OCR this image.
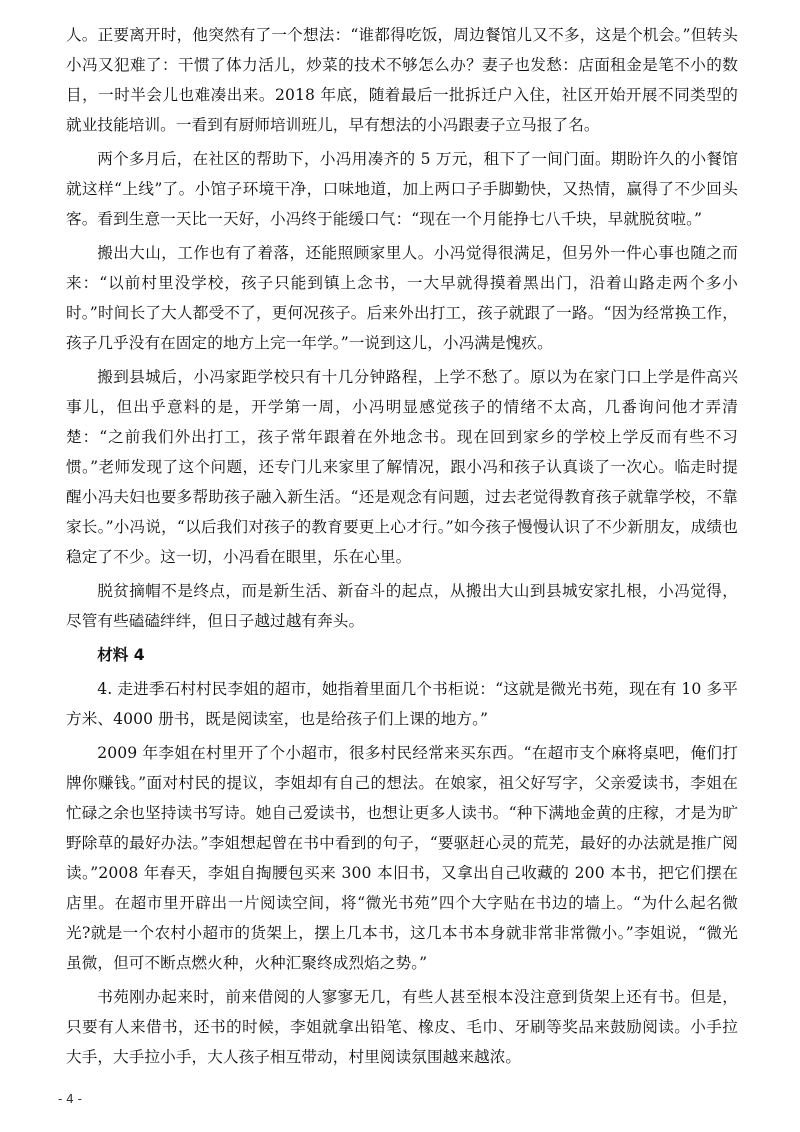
人。正要离开时，他突然有了一个想法：“谁都得吃饭，周边餐馆儿又不多，这是个机会。”但转头小冯又犯难了：干惯了体力活儿，炒菜的技术不够怎么办？妻子也发愁：店面租金是笔不小的数目，一时半会儿也难凑出来。2018 年底，随着最后一批拆迁户入住，社区开始开展不同类型的就业技能培训。一看到有厨师培训班儿，早有想法的小冯跟妻子立马报了名。

两个多月后，在社区的帮助下，小冯用凑齐的 5 万元，租下了一间门面。期盼许久的小餐馆就这样“上线”了。小馆子环境干净，口味地道，加上两口子手脚勤快，又热情，赢得了不少回头客。看到生意一天比一天好，小冯终于能缓口气：“现在一个月能挣七八千块，早就脱贫啦。”

搬出大山，工作也有了着落，还能照顾家里人。小冯觉得很满足，但另外一件心事也随之而来：“以前村里没学校，孩子只能到镇上念书，一大早就得摸着黑出门，沿着山路走两个多小时。”时间长了大人都受不了，更何况孩子。后来外出打工，孩子就跟了一路。“因为经常换工作，孩子几乎没有在固定的地方上完一年学。”一说到这儿，小冯满是愧疚。

搬到县城后，小冯家距学校只有十几分钟路程，上学不愁了。原以为在家门口上学是件高兴事儿，但出乎意料的是，开学第一周，小冯明显感觉孩子的情绪不太高，几番询问他才弄清楚：“之前我们外出打工，孩子常年跟着在外地念书。现在回到家乡的学校上学反而有些不习惯。”老师发现了这个问题，还专门儿来家里了解情况，跟小冯和孩子认真谈了一次心。临走时提醒小冯夫妇也要多帮助孩子融入新生活。“还是观念有问题，过去老觉得教育孩子就靠学校，不靠家长。”小冯说，“以后我们对孩子的教育要更上心才行。”如今孩子慢慢认识了不少新朋友，成绩也稳定了不少。这一切，小冯看在眼里，乐在心里。

脱贫摘帽不是终点，而是新生活、新奋斗的起点，从搬出大山到县城安家扎根，小冯觉得，尽管有些磕磕绊绊，但日子越过越有奔头。

材料 4

4. 走进季石村村民李姐的超市，她指着里面几个书柜说：“这就是微光书苑，现在有 10 多平方米、4000 册书，既是阅读室，也是给孩子们上课的地方。”

2009 年李姐在村里开了个小超市，很多村民经常来买东西。“在超市支个麻将桌吧，俺们打牌你赚钱。”面对村民的提议，李姐却有自己的想法。在娘家，祖父好写字，父亲爱读书，李姐在忙碌之余也坚持读书写诗。她自己爱读书，也想让更多人读书。“种下满地金黄的庄稼，才是为旷野除草的最好办法。”李姐想起曾在书中看到的句子，“要驱赶心灵的荒芜，最好的办法就是推广阅读。”2008 年春天，李姐自掏腰包买来 300 本旧书，又拿出自己收藏的 200 本书，把它们摆在店里。在超市里开辟出一片阅读空间，将“微光书苑”四个大字贴在书边的墙上。“为什么起名微光?就是一个农村小超市的货架上，摆上几本书，这几本书本身就非常非常微小。”李姐说，“微光虽微，但可不断点燃火种，火种汇聚终成烈焰之势。”

书苑刚办起来时，前来借阅的人寥寥无几，有些人甚至根本没注意到货架上还有书。但是，只要有人来借书，还书的时候，李姐就拿出铅笔、橡皮、毛巾、牙刷等奖品来鼓励阅读。小手拉大手，大手拉小手，大人孩子相互带动，村里阅读氛围越来越浓。

- 4 -
